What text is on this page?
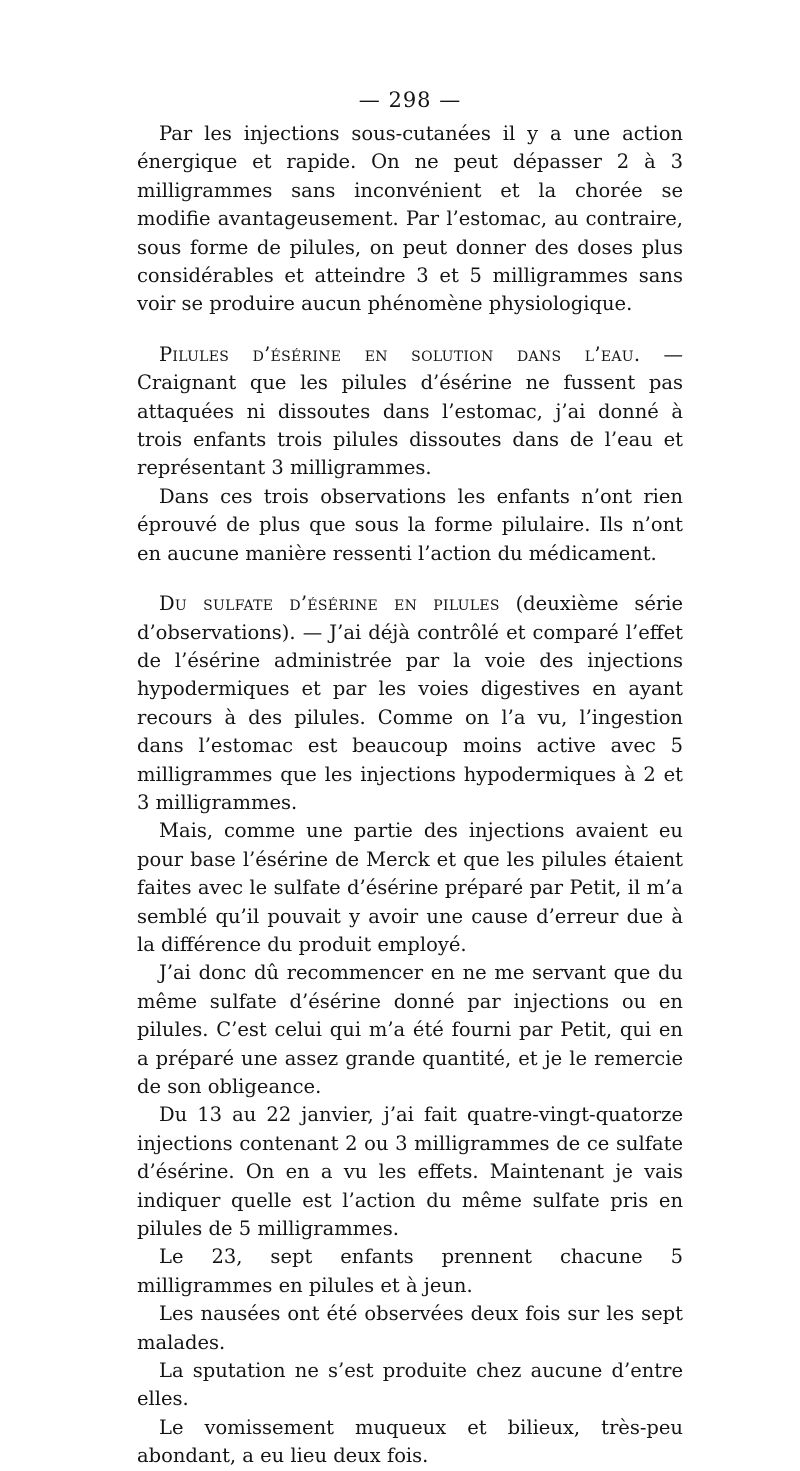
— 298 —

Par les injections sous-cutanées il y a une action énergique et rapide. On ne peut dépasser 2 à 3 milligrammes sans inconvénient et la chorée se modifie avantageusement. Par l’estomac, au contraire, sous forme de pilules, on peut donner des doses plus considérables et atteindre 3 et 5 milligrammes sans voir se produire aucun phénomène physiologique.

Pilules d’ésérine en solution dans l’eau. — Craignant que les pilules d’ésérine ne fussent pas attaquées ni dissoutes dans l’estomac, j’ai donné à trois enfants trois pilules dissoutes dans de l’eau et représentant 3 milligrammes.

Dans ces trois observations les enfants n’ont rien éprouvé de plus que sous la forme pilulaire. Ils n’ont en aucune manière ressenti l’action du médicament.

Du sulfate d’ésérine en pilules (deuxième série d’observations). — J’ai déjà contrôlé et comparé l’effet de l’ésérine administrée par la voie des injections hypodermiques et par les voies digestives en ayant recours à des pilules. Comme on l’a vu, l’ingestion dans l’estomac est beaucoup moins active avec 5 milligrammes que les injections hypodermiques à 2 et 3 milligrammes.

Mais, comme une partie des injections avaient eu pour base l’ésérine de Merck et que les pilules étaient faites avec le sulfate d’ésérine préparé par Petit, il m’a semblé qu’il pouvait y avoir une cause d’erreur due à la différence du produit employé.

J’ai donc dû recommencer en ne me servant que du même sulfate d’ésérine donné par injections ou en pilules. C’est celui qui m’a été fourni par Petit, qui en a préparé une assez grande quantité, et je le remercie de son obligeance.

Du 13 au 22 janvier, j’ai fait quatre-vingt-quatorze injections contenant 2 ou 3 milligrammes de ce sulfate d’ésérine. On en a vu les effets. Maintenant je vais indiquer quelle est l’action du même sulfate pris en pilules de 5 milligrammes.

Le 23, sept enfants prennent chacune 5 milligrammes en pilules et à jeun.

Les nausées ont été observées deux fois sur les sept malades.

La sputation ne s’est produite chez aucune d’entre elles.

Le vomissement muqueux et bilieux, très-peu abondant, a eu lieu deux fois.
